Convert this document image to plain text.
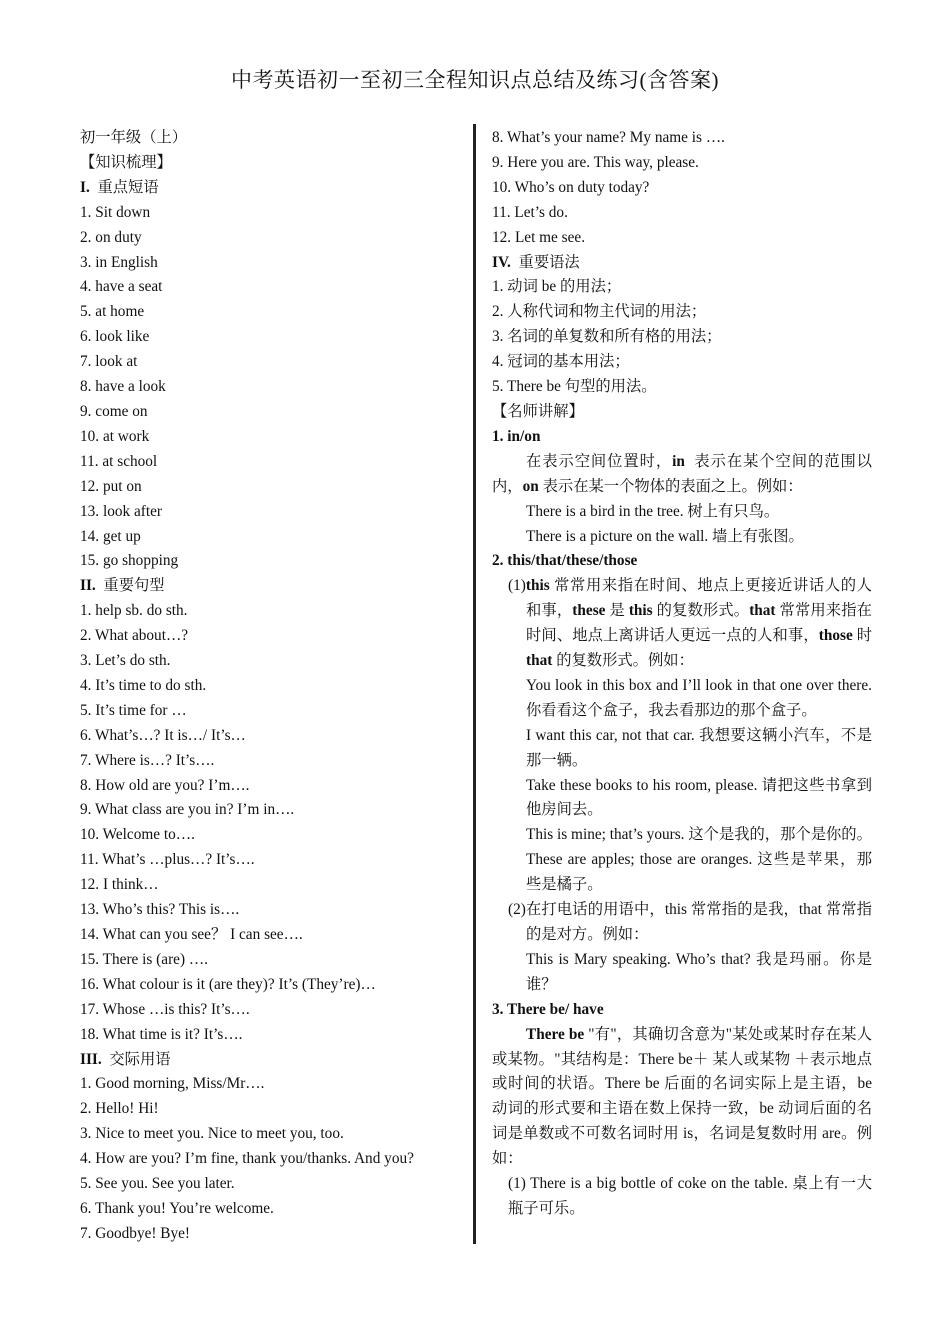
中考英语初一至初三全程知识点总结及练习(含答案)
初一年级（上）
【知识梳理】
I. 重点短语
1. Sit down
2. on duty
3. in English
4. have a seat
5. at home
6. look like
7. look at
8. have a look
9. come on
10. at work
11. at school
12. put on
13. look after
14. get up
15. go shopping
II. 重要句型
1. help sb. do sth.
2. What about…?
3. Let’s do sth.
4. It’s time to do sth.
5. It’s time for …
6. What’s…? It is…/ It’s…
7. Where is…? It’s….
8. How old are you? I’m….
9. What class are you in? I’m in….
10. Welcome to….
11. What’s …plus…? It’s….
12. I think…
13. Who’s this? This is….
14. What can you see？ I can see….
15. There is (are) ….
16. What colour is it (are they)? It’s (They’re)…
17. Whose …is this? It’s….
18. What time is it? It’s….
III. 交际用语
1. Good morning, Miss/Mr….
2. Hello! Hi!
3. Nice to meet you. Nice to meet you, too.
4. How are you? I’m fine, thank you/thanks. And you?
5. See you. See you later.
6. Thank you! You’re welcome.
7. Goodbye! Bye!
8. What’s your name? My name is ….
9. Here you are. This way, please.
10. Who’s on duty today?
11. Let’s do.
12. Let me see.
IV. 重要语法
1. 动词 be 的用法；
2. 人称代词和物主代词的用法；
3. 名词的单复数和所有格的用法；
4. 冠词的基本用法；
5. There be 句型的用法。
【名师讲解】
1. in/on
在表示空间位置时，in 表示在某个空间的范围以内，on 表示在某一个物体的表面之上。例如：
There is a bird in the tree. 树上有只鸟。
There is a picture on the wall. 墙上有张图。
2. this/that/these/those
(1)this 常常用来指在时间、地点上更接近讲话人的人和事，these 是 this 的复数形式。that 常常用来指在时间、地点上离讲话人更远一点的人和事，those 时 that 的复数形式。例如：
You look in this box and I’ll look in that one over there.你看看这个盒子，我去看那边的那个盒子。
I want this car, not that car. 我想要这辆小汽车，不是那一辆。
Take these books to his room, please. 请把这些书拿到他房间去。
This is mine; that’s yours. 这个是我的，那个是你的。
These are apples; those are oranges. 这些是苹果，那些是橘子。
(2)在打电话的用语中，this 常常指的是我，that 常常指的是对方。例如：
This is Mary speaking. Who’s that? 我是玛丽。你是谁？
3. There be/ have
There be "有"，其确切含意为"某处或某时存在某人或某物。"其结构是：There be＋ 某人或某物 ＋表示地点或时间的状语。There be 后面的名词实际上是主语，be 动词的形式要和主语在数上保持一致，be 动词后面的名词是单数或不可数名词时用 is，名词是复数时用 are。例如：
(1) There is a big bottle of coke on the table. 桌上有一大瓶子可乐。
